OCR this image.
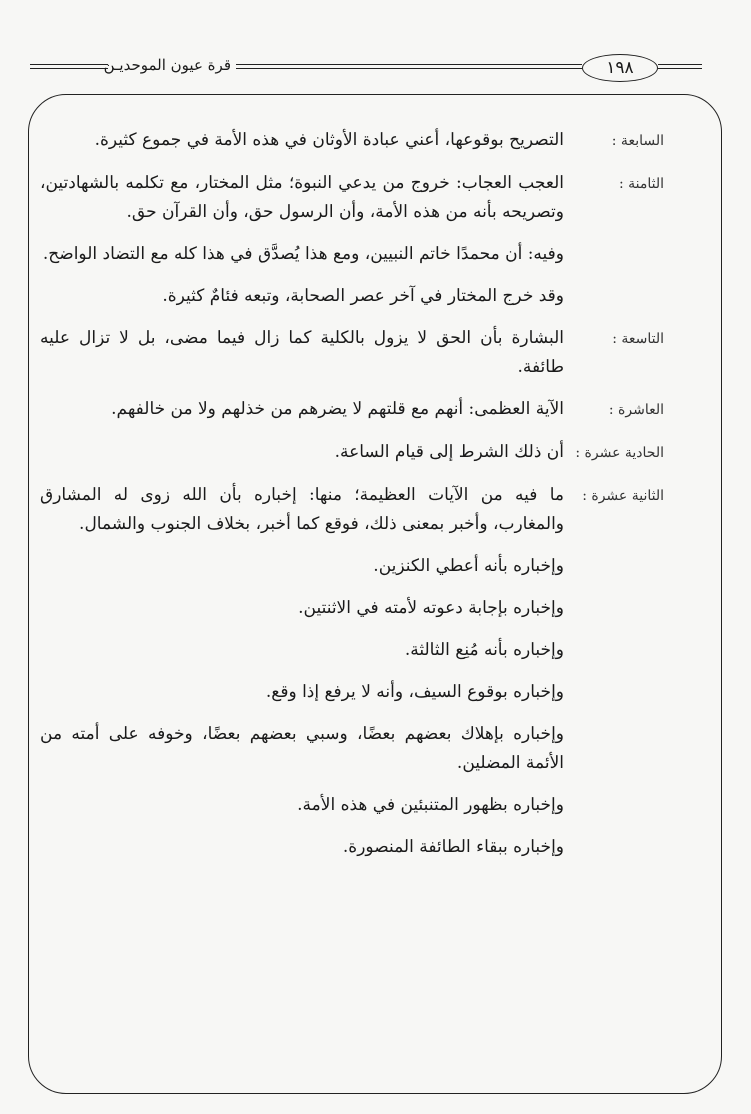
قرة عيون الموحديـن	١٩٨
السابعة :
التصريح بوقوعها، أعني عبادة الأوثان في هذه الأمة في جموع كثيرة.
الثامنة :
العجب العجاب: خروج من يدعي النبوة؛ مثل المختار، مع تكلمه بالشهادتين، وتصريحه بأنه من هذه الأمة، وأن الرسول حق، وأن القرآن حق.
وفيه: أن محمدًا خاتم النبيين، ومع هذا يُصدَّق في هذا كله مع التضاد الواضح.
وقد خرج المختار في آخر عصر الصحابة، وتبعه فئامٌ كثيرة.
التاسعة :
البشارة بأن الحق لا يزول بالكلية كما زال فيما مضى، بل لا تزال عليه طائفة.
العاشرة :
الآية العظمى: أنهم مع قلتهم لا يضرهم من خذلهم ولا من خالفهم.
الحادية عشرة :
أن ذلك الشرط إلى قيام الساعة.
الثانية عشرة :
ما فيه من الآيات العظيمة؛ منها: إخباره بأن الله زوى له المشارق والمغارب، وأخبر بمعنى ذلك، فوقع كما أخبر، بخلاف الجنوب والشمال.
وإخباره بأنه أعطي الكنزين.
وإخباره بإجابة دعوته لأمته في الاثنتين.
وإخباره بأنه مُنِع الثالثة.
وإخباره بوقوع السيف، وأنه لا يرفع إذا وقع.
وإخباره بإهلاك بعضهم بعضًا، وسبي بعضهم بعضًا، وخوفه على أمته من الأئمة المضلين.
وإخباره بظهور المتنبئين في هذه الأمة.
وإخباره ببقاء الطائفة المنصورة.
